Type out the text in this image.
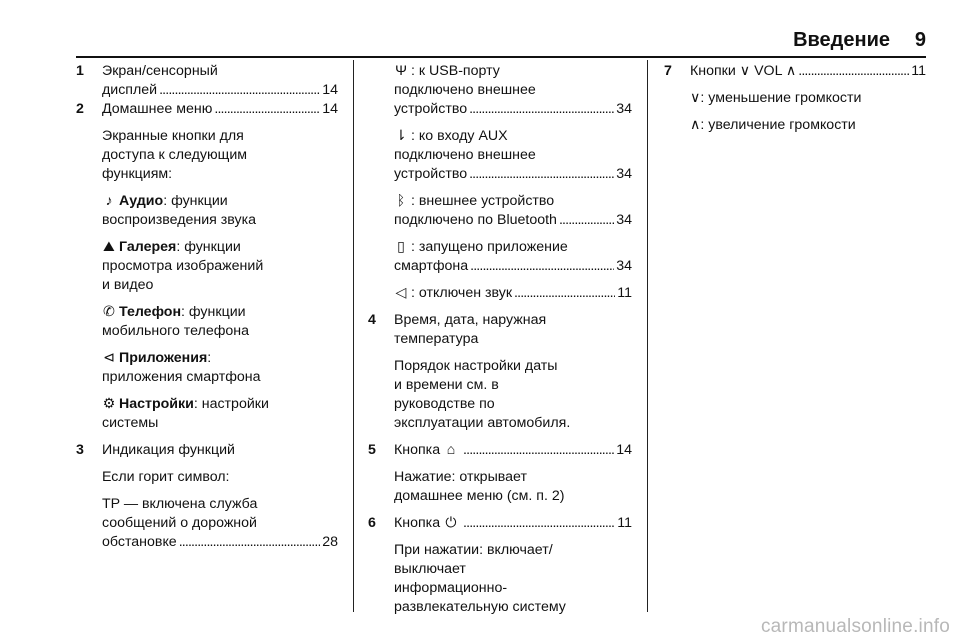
Введение 9
1 Экран/сенсорный
дисплей . . .	14
2 Домашнее меню . . .	14
Экранные кнопки для
доступа к следующим
функциям:
♪ Аудио: функции
воспроизведения звука
⛰ Галерея: функции
просмотра изображений
и видео
✆ Телефон: функции
мобильного телефона
⊲ Приложения:
приложения смартфона
⚙ Настройки: настройки
системы
3 Индикация функций
Если горит символ:
TP — включена служба
сообщений о дорожной
обстановке . . .	28
Ψ : к USB-порту
подключено внешнее
устройство . . .	34
⇂ : ко входу AUX
подключено внешнее
устройство . . .	34
ᛒ : внешнее устройство
подключено по Bluetooth . . .	34
▯ : запущено приложение
смартфона . . .	34
◁ : отключен звук . . .	11
4 Время, дата, наружная
температура
Порядок настройки даты
и времени см. в
руководстве по
эксплуатации автомобиля.
5 Кнопка ⌂ . . .	14
Нажатие: открывает
домашнее меню (см. п. 2)
6 Кнопка ⏻ . . .	11
При нажатии: включает/
выключает
информационно-
развлекательную систему
7 Кнопки ∨ VOL ∧ . . .	11
∨: уменьшение громкости
∧: увеличение громкости
carmanualsonline.info
